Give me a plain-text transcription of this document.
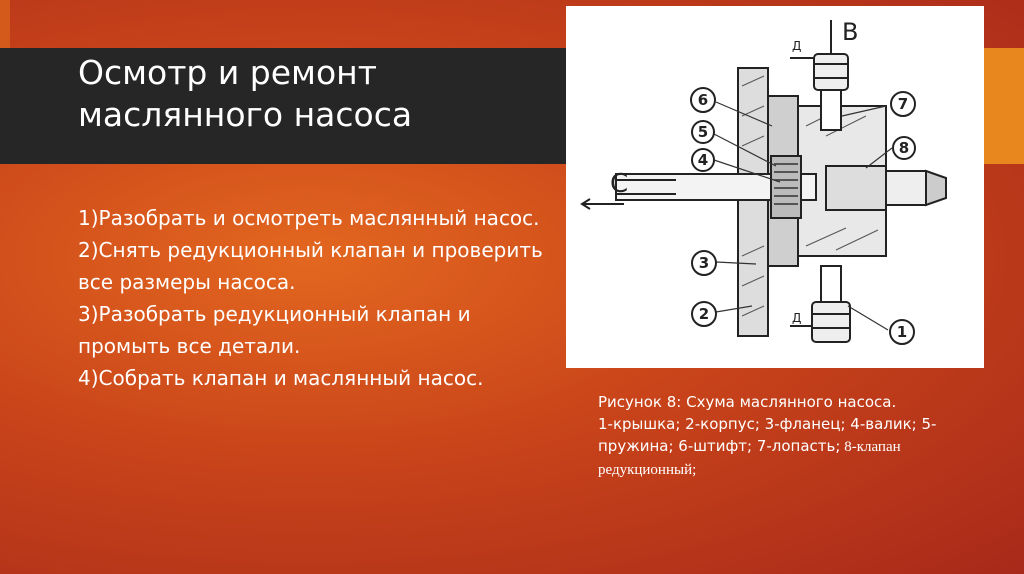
Осмотр и ремонт
маслянного насоса
1)Разобрать и осмотреть маслянный насос.
2)Снять редукционный клапан и проверить все размеры насоса.
3)Разобрать редукционный клапан и промыть все детали.
4)Собрать клапан и маслянный насос.
6
5
4
3
2
7
8
1
B
C
Д
Д
Рисунок 8: Схума маслянного насоса.
1-крышка; 2-корпус; 3-фланец; 4-валик; 5-пружина; 6-штифт; 7-лопасть; 8-клапан редукционный;
